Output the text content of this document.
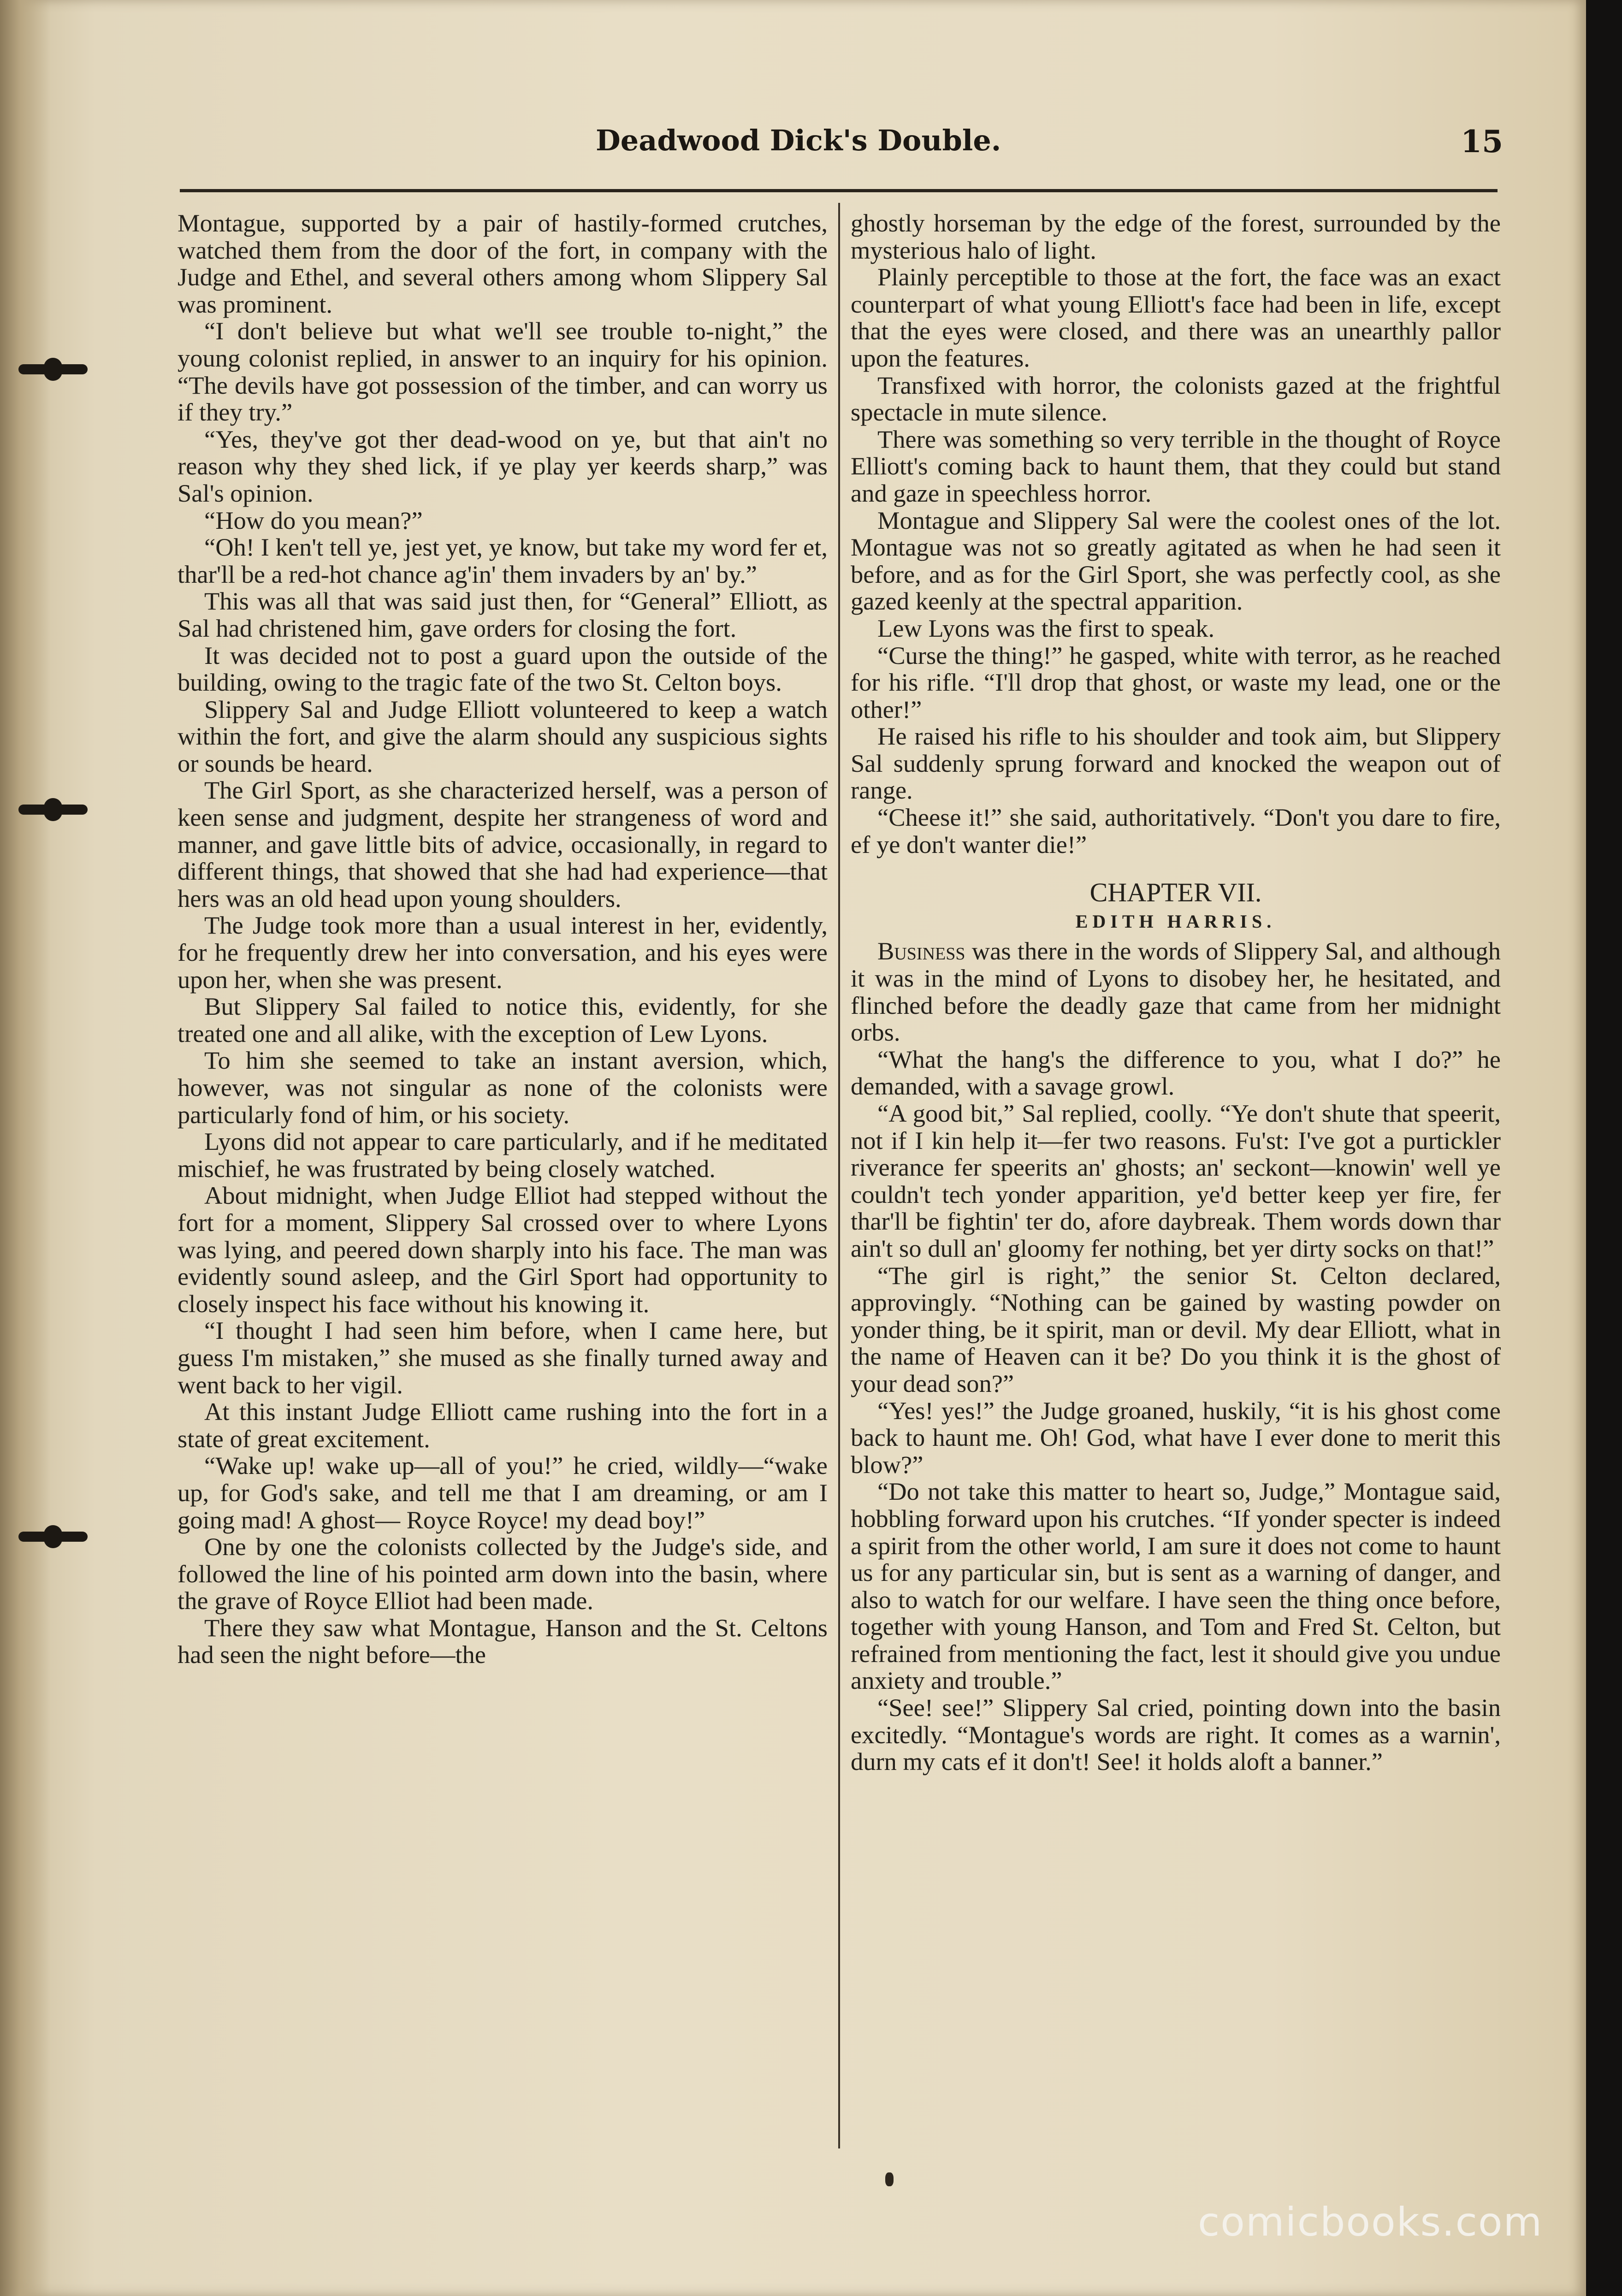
Deadwood Dick's Double.	15

Montague, supported by a pair of hastily-formed crutches, watched them from the door of the fort, in company with the Judge and Ethel, and several others among whom Slippery Sal was prominent.

“I don't believe but what we'll see trouble to-night,” the young colonist replied, in answer to an inquiry for his opinion. “The devils have got possession of the timber, and can worry us if they try.”

“Yes, they've got ther dead-wood on ye, but that ain't no reason why they shed lick, if ye play yer keerds sharp,” was Sal's opinion.

“How do you mean?”

“Oh! I ken't tell ye, jest yet, ye know, but take my word fer et, thar'll be a red-hot chance ag'in' them invaders by an' by.”

This was all that was said just then, for “General” Elliott, as Sal had christened him, gave orders for closing the fort.

It was decided not to post a guard upon the outside of the building, owing to the tragic fate of the two St. Celton boys.

Slippery Sal and Judge Elliott volunteered to keep a watch within the fort, and give the alarm should any suspicious sights or sounds be heard.

The Girl Sport, as she characterized herself, was a person of keen sense and judgment, despite her strangeness of word and manner, and gave little bits of advice, occasionally, in regard to different things, that showed that she had had experience—that hers was an old head upon young shoulders.

The Judge took more than a usual interest in her, evidently, for he frequently drew her into conversation, and his eyes were upon her, when she was present.

But Slippery Sal failed to notice this, evidently, for she treated one and all alike, with the exception of Lew Lyons.

To him she seemed to take an instant aversion, which, however, was not singular as none of the colonists were particularly fond of him, or his society.

Lyons did not appear to care particularly, and if he meditated mischief, he was frustrated by being closely watched.

About midnight, when Judge Elliot had stepped without the fort for a moment, Slippery Sal crossed over to where Lyons was lying, and peered down sharply into his face. The man was evidently sound asleep, and the Girl Sport had opportunity to closely inspect his face without his knowing it.

“I thought I had seen him before, when I came here, but guess I'm mistaken,” she mused as she finally turned away and went back to her vigil.

At this instant Judge Elliott came rushing into the fort in a state of great excitement.

“Wake up! wake up—all of you!” he cried, wildly—“wake up, for God's sake, and tell me that I am dreaming, or am I going mad! A ghost— Royce Royce! my dead boy!”

One by one the colonists collected by the Judge's side, and followed the line of his pointed arm down into the basin, where the grave of Royce Elliot had been made.

There they saw what Montague, Hanson and the St. Celtons had seen the night before—the

ghostly horseman by the edge of the forest, surrounded by the mysterious halo of light.

Plainly perceptible to those at the fort, the face was an exact counterpart of what young Elliott's face had been in life, except that the eyes were closed, and there was an unearthly pallor upon the features.

Transfixed with horror, the colonists gazed at the frightful spectacle in mute silence.

There was something so very terrible in the thought of Royce Elliott's coming back to haunt them, that they could but stand and gaze in speechless horror.

Montague and Slippery Sal were the coolest ones of the lot. Montague was not so greatly agitated as when he had seen it before, and as for the Girl Sport, she was perfectly cool, as she gazed keenly at the spectral apparition.

Lew Lyons was the first to speak.

“Curse the thing!” he gasped, white with terror, as he reached for his rifle. “I'll drop that ghost, or waste my lead, one or the other!”

He raised his rifle to his shoulder and took aim, but Slippery Sal suddenly sprung forward and knocked the weapon out of range.

“Cheese it!” she said, authoritatively. “Don't you dare to fire, ef ye don't wanter die!”

CHAPTER VII.

EDITH HARRIS.

Business was there in the words of Slippery Sal, and although it was in the mind of Lyons to disobey her, he hesitated, and flinched before the deadly gaze that came from her midnight orbs.

“What the hang's the difference to you, what I do?” he demanded, with a savage growl.

“A good bit,” Sal replied, coolly. “Ye don't shute that speerit, not if I kin help it—fer two reasons. Fu'st: I've got a purtickler riverance fer speerits an' ghosts; an' seckont—knowin' well ye couldn't tech yonder apparition, ye'd better keep yer fire, fer thar'll be fightin' ter do, afore daybreak. Them words down thar ain't so dull an' gloomy fer nothing, bet yer dirty socks on that!”

“The girl is right,” the senior St. Celton declared, approvingly. “Nothing can be gained by wasting powder on yonder thing, be it spirit, man or devil. My dear Elliott, what in the name of Heaven can it be? Do you think it is the ghost of your dead son?”

“Yes! yes!” the Judge groaned, huskily, “it is his ghost come back to haunt me. Oh! God, what have I ever done to merit this blow?”

“Do not take this matter to heart so, Judge,” Montague said, hobbling forward upon his crutches. “If yonder specter is indeed a spirit from the other world, I am sure it does not come to haunt us for any particular sin, but is sent as a warning of danger, and also to watch for our welfare. I have seen the thing once before, together with young Hanson, and Tom and Fred St. Celton, but refrained from mentioning the fact, lest it should give you undue anxiety and trouble.”

“See! see!” Slippery Sal cried, pointing down into the basin excitedly. “Montague's words are right. It comes as a warnin', durn my cats ef it don't! See! it holds aloft a banner.”

comicbooks.com
